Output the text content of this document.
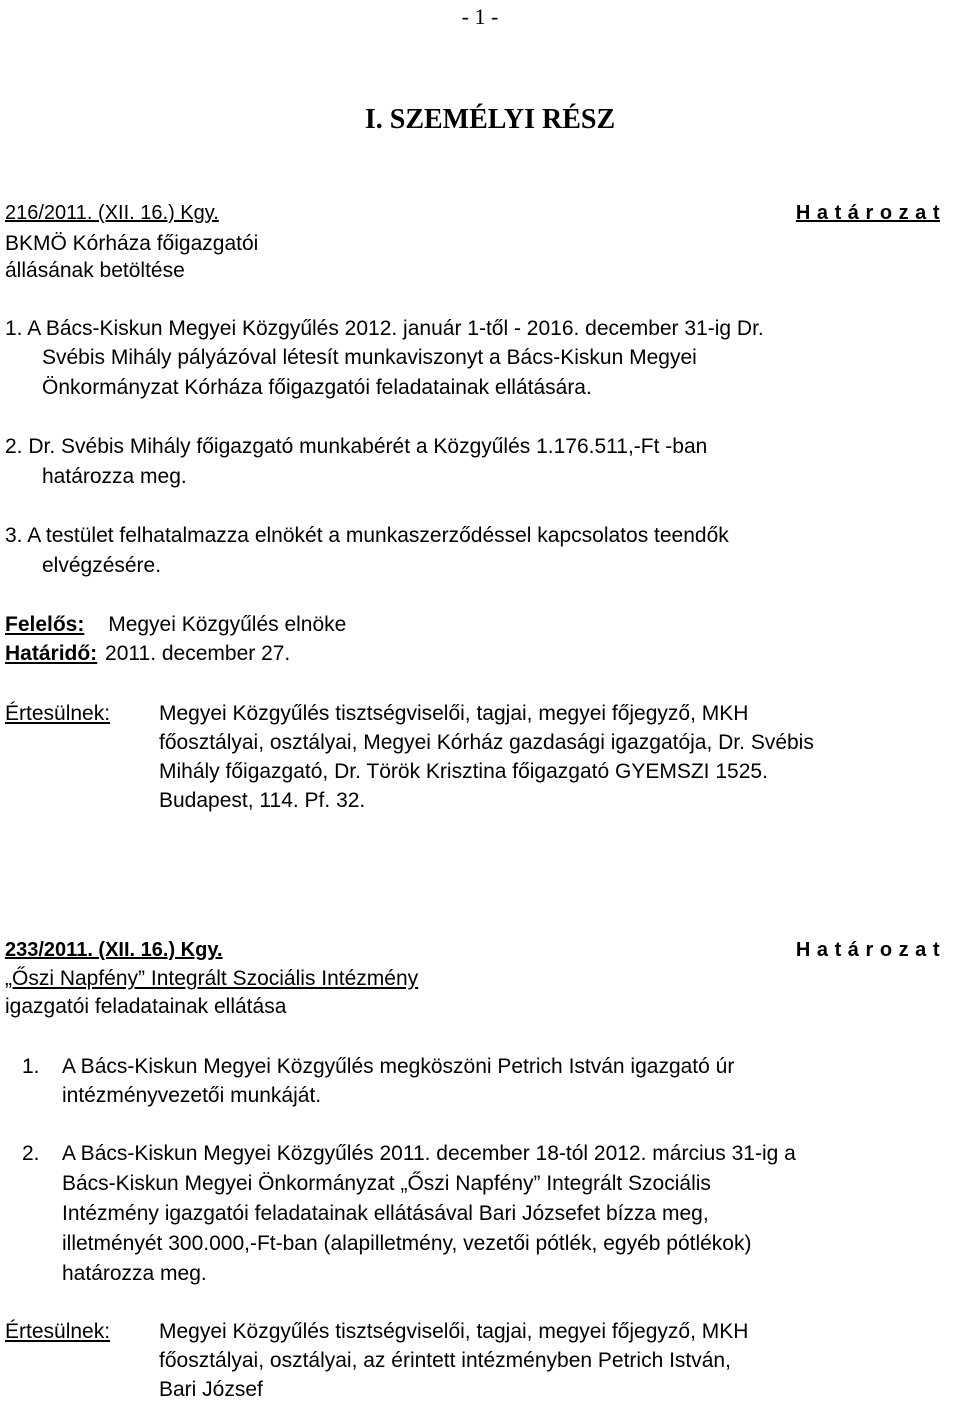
- 1 -
I. SZEMÉLYI RÉSZ
216/2011. (XII. 16.) Kgy.	H a t á r o z a t
BKMÖ Kórháza főigazgatói
állásának betöltése
1. A Bács-Kiskun Megyei Közgyűlés 2012. január 1-től - 2016. december 31-ig Dr.
Svébis Mihály pályázóval létesít munkaviszonyt a Bács-Kiskun Megyei
Önkormányzat Kórháza főigazgatói feladatainak ellátására.
2. Dr. Svébis Mihály főigazgató munkabérét a Közgyűlés 1.176.511,-Ft -ban
határozza meg.
3. A testület felhatalmazza elnökét a munkaszerződéssel kapcsolatos teendők
elvégzésére.
Felelős: Megyei Közgyűlés elnöke
Határidő: 2011. december 27.
Értesülnek: Megyei Közgyűlés tisztségviselői, tagjai, megyei főjegyző, MKH
főosztályai, osztályai, Megyei Kórház gazdasági igazgatója, Dr. Svébis
Mihály főigazgató, Dr. Török Krisztina főigazgató GYEMSZI 1525.
Budapest, 114. Pf. 32.
233/2011. (XII. 16.) Kgy.	H a t á r o z a t
„Őszi Napfény” Integrált Szociális Intézmény
igazgatói feladatainak ellátása
1. A Bács-Kiskun Megyei Közgyűlés megköszöni Petrich István igazgató úr
intézményvezetői munkáját.
2. A Bács-Kiskun Megyei Közgyűlés 2011. december 18-tól 2012. március 31-ig a
Bács-Kiskun Megyei Önkormányzat „Őszi Napfény” Integrált Szociális
Intézmény igazgatói feladatainak ellátásával Bari Józsefet bízza meg,
illetményét 300.000,-Ft-ban (alapilletmény, vezetői pótlék, egyéb pótlékok)
határozza meg.
Értesülnek: Megyei Közgyűlés tisztségviselői, tagjai, megyei főjegyző, MKH
főosztályai, osztályai, az érintett intézményben Petrich István,
Bari József
